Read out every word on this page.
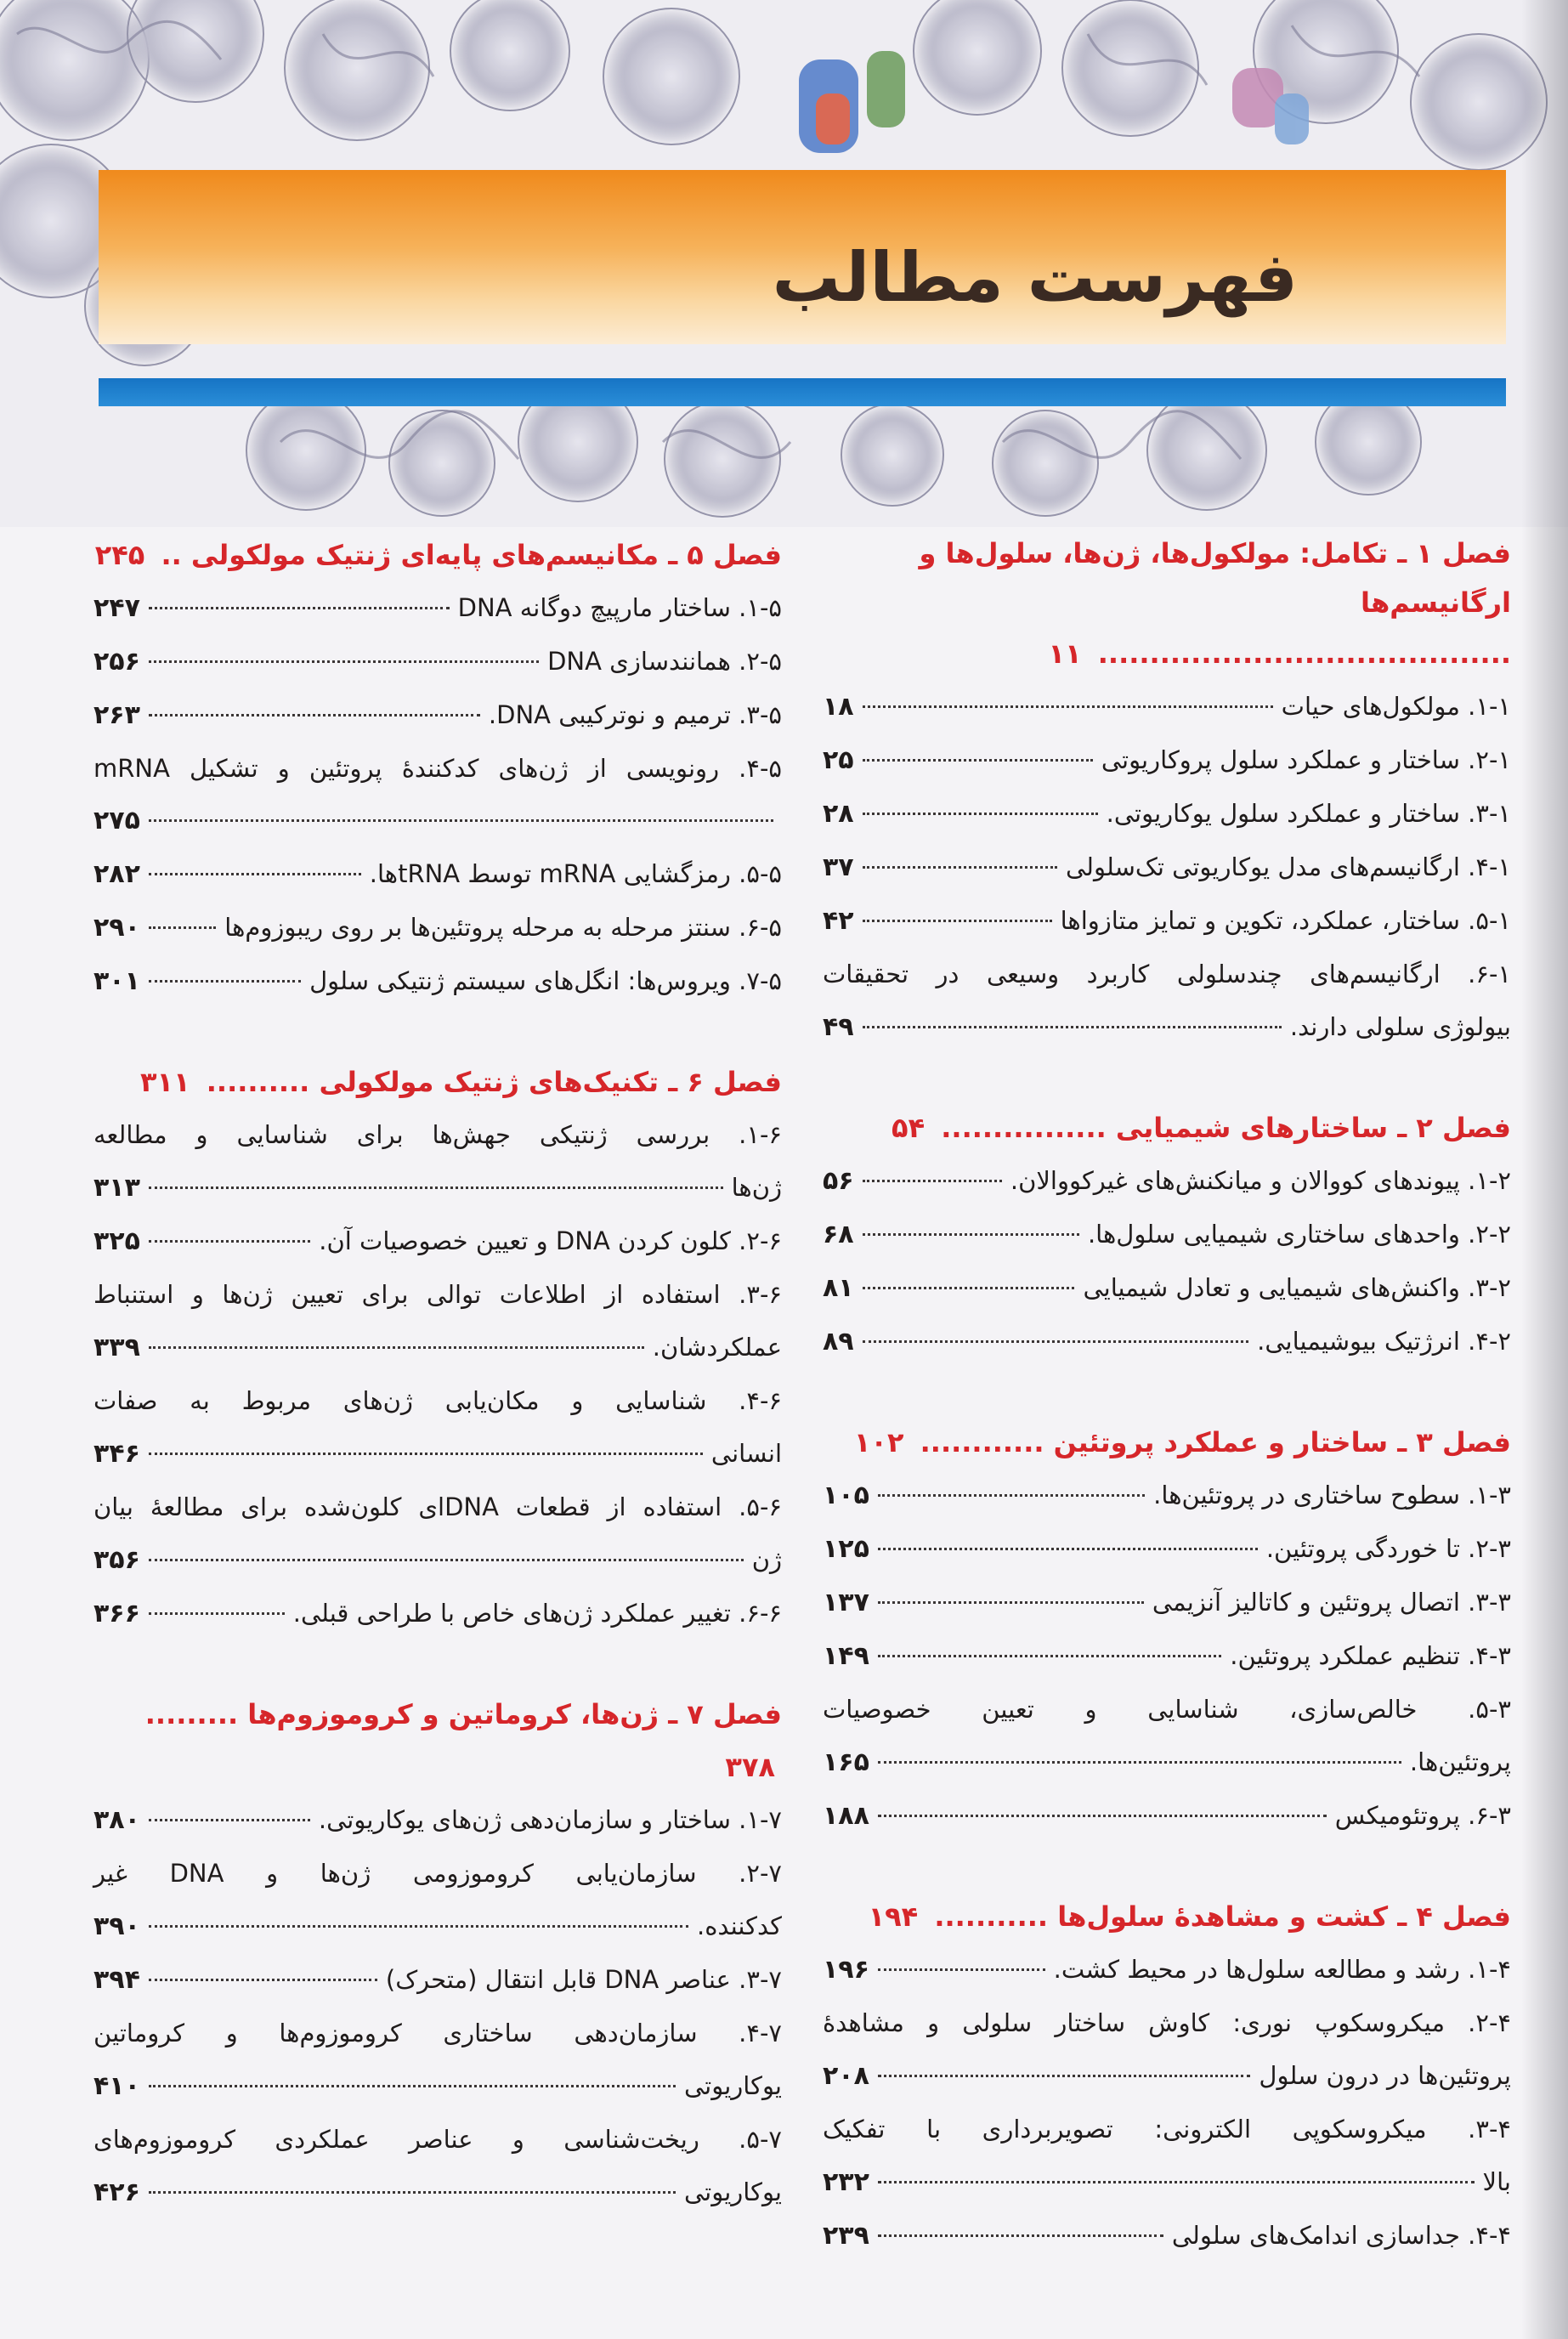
فهرست مطالب
فصل ۱ ـ تکامل: مولکول‌ها، ژن‌ها، سلول‌ها و ارگانیسم‌ها
........................................ ۱۱
۱-۱. مولکول‌های حیات
۱۸
۲-۱. ساختار و عملکرد سلول پروکاریوتی
۲۵
۳-۱. ساختار و عملکرد سلول یوکاریوتی.
۲۸
۴-۱. ارگانیسم‌های مدل یوکاریوتی تک‌سلولی
۳۷
۵-۱. ساختار، عملکرد، تکوین و تمایز متازواها
۴۲
۶-۱. ارگانیسم‌های چندسلولی کاربرد وسیعی در تحقیقات
بیولوژی سلولی دارند.
۴۹
فصل ۲ ـ ساختارهای شیمیایی ................ ۵۴
۱-۲. پیوندهای کووالان و میانکنش‌های غیرکووالان.
۵۶
۲-۲. واحدهای ساختاری شیمیایی سلول‌ها.
۶۸
۳-۲. واکنش‌های شیمیایی و تعادل شیمیایی
۸۱
۴-۲. انرژتیک بیوشیمیایی.
۸۹
فصل ۳ ـ ساختار و عملکرد پروتئین ............ ۱۰۲
۱-۳. سطوح ساختاری در پروتئین‌ها.
۱۰۵
۲-۳. تا خوردگی پروتئین.
۱۲۵
۳-۳. اتصال پروتئین و کاتالیز آنزیمی
۱۳۷
۴-۳. تنظیم عملکرد پروتئین.
۱۴۹
۵-۳. خالص‌سازی، شناسایی و تعیین خصوصیات
پروتئین‌ها.
۱۶۵
۶-۳. پروتئومیکس
۱۸۸
فصل ۴ ـ کشت و مشاهدهٔ سلول‌ها ........... ۱۹۴
۱-۴. رشد و مطالعه سلول‌ها در محیط کشت.
۱۹۶
۲-۴. میکروسکوپ نوری: کاوش ساختار سلولی و مشاهدهٔ
پروتئین‌ها در درون سلول
۲۰۸
۳-۴. میکروسکوپی الکترونی: تصویربرداری با تفکیک
بالا
۲۳۲
۴-۴. جداسازی اندامک‌های سلولی
۲۳۹
فصل ۵ ـ مکانیسم‌های پایه‌ای ژنتیک مولکولی .. ۲۴۵
۱-۵. ساختار مارپیچ دوگانه DNA
۲۴۷
۲-۵. همانندسازی DNA
۲۵۶
۳-۵. ترمیم و نوترکیبی DNA.
۲۶۳
۴-۵. رونویسی از ژن‌های کدکنندهٔ پروتئین و تشکیل mRNA
۲۷۵
۵-۵. رمزگشایی mRNA توسط tRNAها.
۲۸۲
۶-۵. سنتز مرحله به مرحله پروتئین‌ها بر روی ریبوزوم‌ها
۲۹۰
۷-۵. ویروس‌ها: انگل‌های سیستم ژنتیکی سلول
۳۰۱
فصل ۶ ـ تکنیک‌های ژنتیک مولکولی .......... ۳۱۱
۱-۶. بررسی ژنتیکی جهش‌ها برای شناسایی و مطالعه
ژن‌ها
۳۱۳
۲-۶. کلون کردن DNA و تعیین خصوصیات آن.
۳۲۵
۳-۶. استفاده از اطلاعات توالی برای تعیین ژن‌ها و استنباط
عملکردشان.
۳۳۹
۴-۶. شناسایی و مکان‌یابی ژن‌های مربوط به صفات
انسانی
۳۴۶
۵-۶. استفاده از قطعات DNAای کلون‌شده برای مطالعهٔ بیان
ژن
۳۵۶
۶-۶. تغییر عملکرد ژن‌های خاص با طراحی قبلی.
۳۶۶
فصل ۷ ـ ژن‌ها، کروماتین و کروموزوم‌ها ......... ۳۷۸
۱-۷. ساختار و سازمان‌دهی ژن‌های یوکاریوتی.
۳۸۰
۲-۷. سازمان‌یابی کروموزومی ژن‌ها و DNA غیر
کدکننده.
۳۹۰
۳-۷. عناصر DNA قابل انتقال (متحرک)
۳۹۴
۴-۷. سازمان‌دهی ساختاری کروموزوم‌ها و کروماتین
یوکاریوتی
۴۱۰
۵-۷. ریخت‌شناسی و عناصر عملکردی کروموزوم‌های
یوکاریوتی
۴۲۶
